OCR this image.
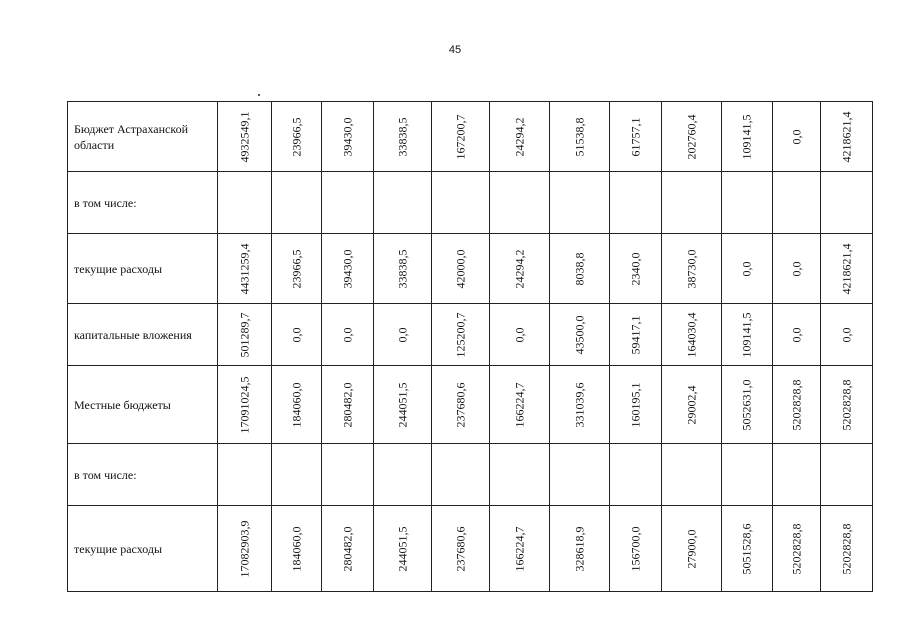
45
Бюджет Астраханской области	4932549,1	23966,5	39430,0	33838,5	167200,7	24294,2	51538,8	61757,1	202760,4	109141,5	0,0	4218621,4

в том числе:												

текущие расходы	4431259,4	23966,5	39430,0	33838,5	42000,0	24294,2	8038,8	2340,0	38730,0	0,0	0,0	4218621,4

капитальные вложения	501289,7	0,0	0,0	0,0	125200,7	0,0	43500,0	59417,1	164030,4	109141,5	0,0	0,0

Местные бюджеты	17091024,5	184060,0	280482,0	244051,5	237680,6	166224,7	331039,6	160195,1	29002,4	5052631,0	5202828,8	5202828,8

в том числе:												

текущие расходы	17082903,9	184060,0	280482,0	244051,5	237680,6	166224,7	328618,9	156700,0	27900,0	5051528,6	5202828,8	5202828,8
